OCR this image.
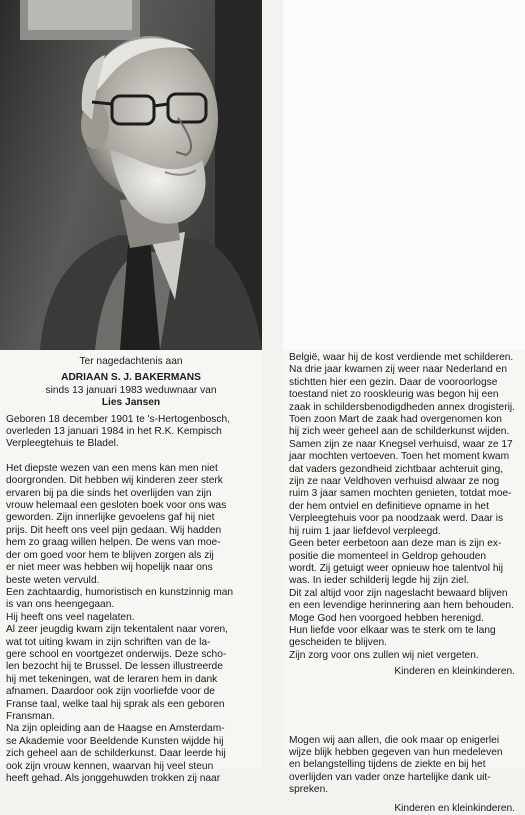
Ter nagedachtenis aan
ADRIAAN S. J. BAKERMANS
sinds 13 januari 1983 weduwnaar van
Lies Jansen
Geboren 18 december 1901 te 's-Hertogenbosch,
overleden 13 januari 1984 in het R.K. Kempisch
Verpleegtehuis te Bladel.
Het diepste wezen van een mens kan men niet
doorgronden. Dit hebben wij kinderen zeer sterk
ervaren bij pa die sinds het overlijden van zijn
vrouw helemaal een gesloten boek voor ons was
geworden. Zijn innerlijke gevoelens gaf hij niet
prijs. Dit heeft ons veel pijn gedaan. Wij hadden
hem zo graag willen helpen. De wens van moe-
der om goed voor hem te blijven zorgen als zij
er niet meer was hebben wij hopelijk naar ons
beste weten vervuld.
Een zachtaardig, humoristisch en kunstzinnig man
is van ons heengegaan.
Hij heeft ons veel nagelaten.
Al zeer jeugdig kwam zijn tekentalent naar voren,
wat tot uiting kwam in zijn schriften van de la-
gere school en voortgezet onderwijs. Deze scho-
len bezocht hij te Brussel. De lessen illustreerde
hij met tekeningen, wat de leraren hem in dank
afnamen. Daardoor ook zijn voorliefde voor de
Franse taal, welke taal hij sprak als een geboren
Fransman.
Na zijn opleiding aan de Haagse en Amsterdam-
se Akademie voor Beeldende Kunsten wijdde hij
zich geheel aan de schilderkunst. Daar leerde hij
ook zijn vrouw kennen, waarvan hij veel steun
heeft gehad. Als jonggehuwden trokken zij naar
België, waar hij de kost verdiende met schilderen.
Na drie jaar kwamen zij weer naar Nederland en
stichtten hier een gezin. Daar de vooroorlogse
toestand niet zo rooskleurig was begon hij een
zaak in schildersbenodigdheden annex drogisterij.
Toen zoon Mart de zaak had overgenomen kon
hij zich weer geheel aan de schilderkunst wijden.
Samen zijn ze naar Knegsel verhuisd, waar ze 17
jaar mochten vertoeven. Toen het moment kwam
dat vaders gezondheid zichtbaar achteruit ging,
zijn ze naar Veldhoven verhuisd alwaar ze nog
ruim 3 jaar samen mochten genieten, totdat moe-
der hem ontviel en definitieve opname in het
Verpleegtehuis voor pa noodzaak werd. Daar is
hij ruim 1 jaar liefdevol verpleegd.
Geen beter eerbetoon aan deze man is zijn ex-
positie die momenteel in Geldrop gehouden
wordt. Zij getuigt weer opnieuw hoe talentvol hij
was. In ieder schilderij legde hij zijn ziel.
Dit zal altijd voor zijn nageslacht bewaard blijven
en een levendige herinnering aan hem behouden.
Moge God hen voorgoed hebben herenigd.
Hun liefde voor elkaar was te sterk om te lang
gescheiden te blijven.
Zijn zorg voor ons zullen wij niet vergeten.
Kinderen en kleinkinderen.
Mogen wij aan allen, die ook maar op enigerlei
wijze blijk hebben gegeven van hun medeleven
en belangstelling tijdens de ziekte en bij het
overlijden van vader onze hartelijke dank uit-
spreken.
Kinderen en kleinkinderen.
